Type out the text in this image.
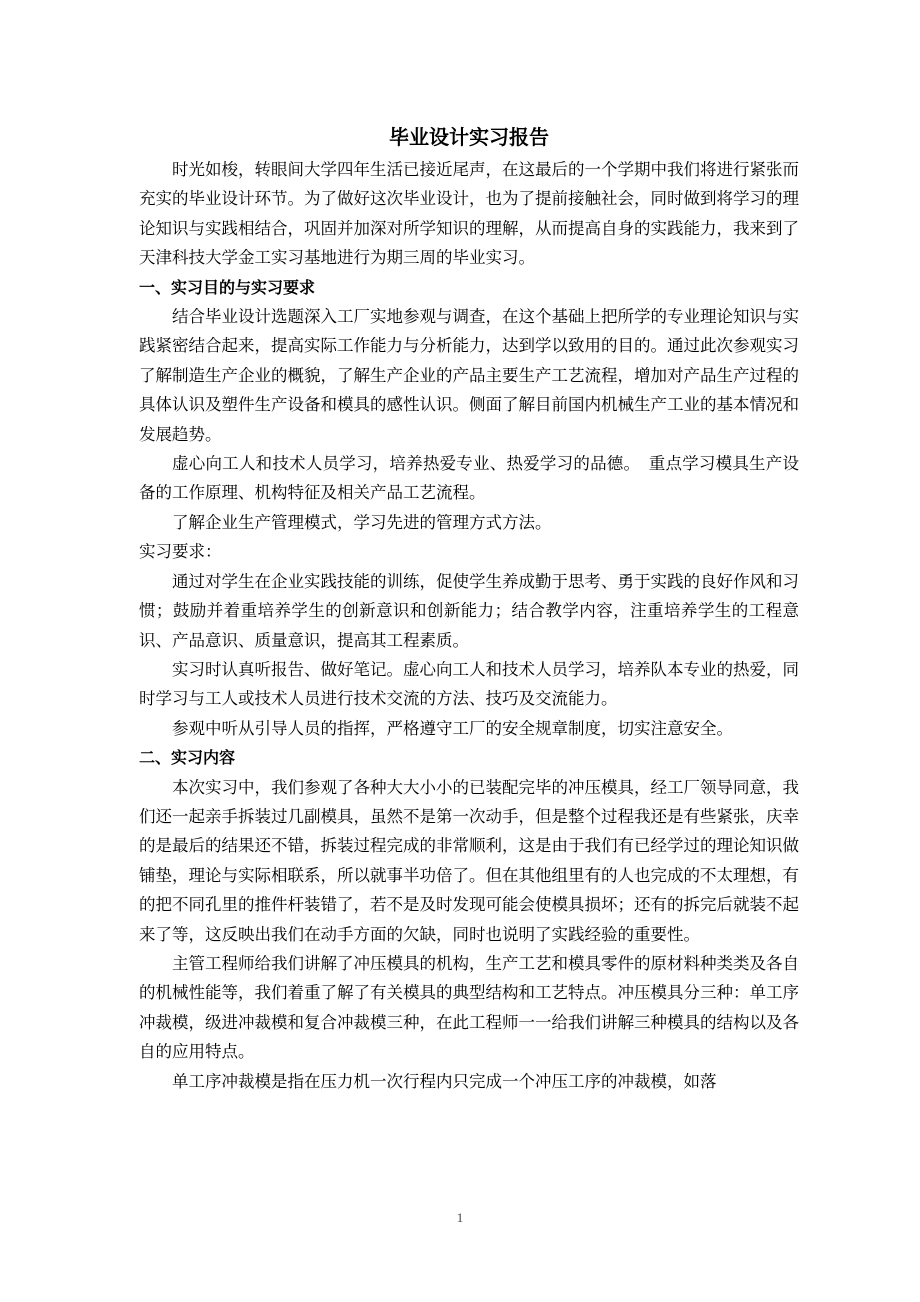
毕业设计实习报告

时光如梭，转眼间大学四年生活已接近尾声，在这最后的一个学期中我们将进行紧张而充实的毕业设计环节。为了做好这次毕业设计，也为了提前接触社会，同时做到将学习的理论知识与实践相结合，巩固并加深对所学知识的理解，从而提高自身的实践能力，我来到了天津科技大学金工实习基地进行为期三周的毕业实习。

一、实习目的与实习要求

结合毕业设计选题深入工厂实地参观与调查，在这个基础上把所学的专业理论知识与实践紧密结合起来，提高实际工作能力与分析能力，达到学以致用的目的。通过此次参观实习了解制造生产企业的概貌，了解生产企业的产品主要生产工艺流程，增加对产品生产过程的具体认识及塑件生产设备和模具的感性认识。侧面了解目前国内机械生产工业的基本情况和发展趋势。

虚心向工人和技术人员学习，培养热爱专业、热爱学习的品德。　重点学习模具生产设备的工作原理、机构特征及相关产品工艺流程。

了解企业生产管理模式，学习先进的管理方式方法。

实习要求：

通过对学生在企业实践技能的训练，促使学生养成勤于思考、勇于实践的良好作风和习惯；鼓励并着重培养学生的创新意识和创新能力；结合教学内容，注重培养学生的工程意识、产品意识、质量意识，提高其工程素质。

实习时认真听报告、做好笔记。虚心向工人和技术人员学习，培养队本专业的热爱，同时学习与工人或技术人员进行技术交流的方法、技巧及交流能力。

参观中听从引导人员的指挥，严格遵守工厂的安全规章制度，切实注意安全。

二、实习内容

本次实习中，我们参观了各种大大小小的已装配完毕的冲压模具，经工厂领导同意，我们还一起亲手拆装过几副模具，虽然不是第一次动手，但是整个过程我还是有些紧张，庆幸的是最后的结果还不错，拆装过程完成的非常顺利，这是由于我们有已经学过的理论知识做铺垫，理论与实际相联系，所以就事半功倍了。但在其他组里有的人也完成的不太理想，有的把不同孔里的推件杆装错了，若不是及时发现可能会使模具损坏；还有的拆完后就装不起来了等，这反映出我们在动手方面的欠缺，同时也说明了实践经验的重要性。

主管工程师给我们讲解了冲压模具的机构，生产工艺和模具零件的原材料种类类及各自的机械性能等，我们着重了解了有关模具的典型结构和工艺特点。冲压模具分三种：单工序冲裁模，级进冲裁模和复合冲裁模三种，在此工程师一一给我们讲解三种模具的结构以及各自的应用特点。

单工序冲裁模是指在压力机一次行程内只完成一个冲压工序的冲裁模，如落

1
